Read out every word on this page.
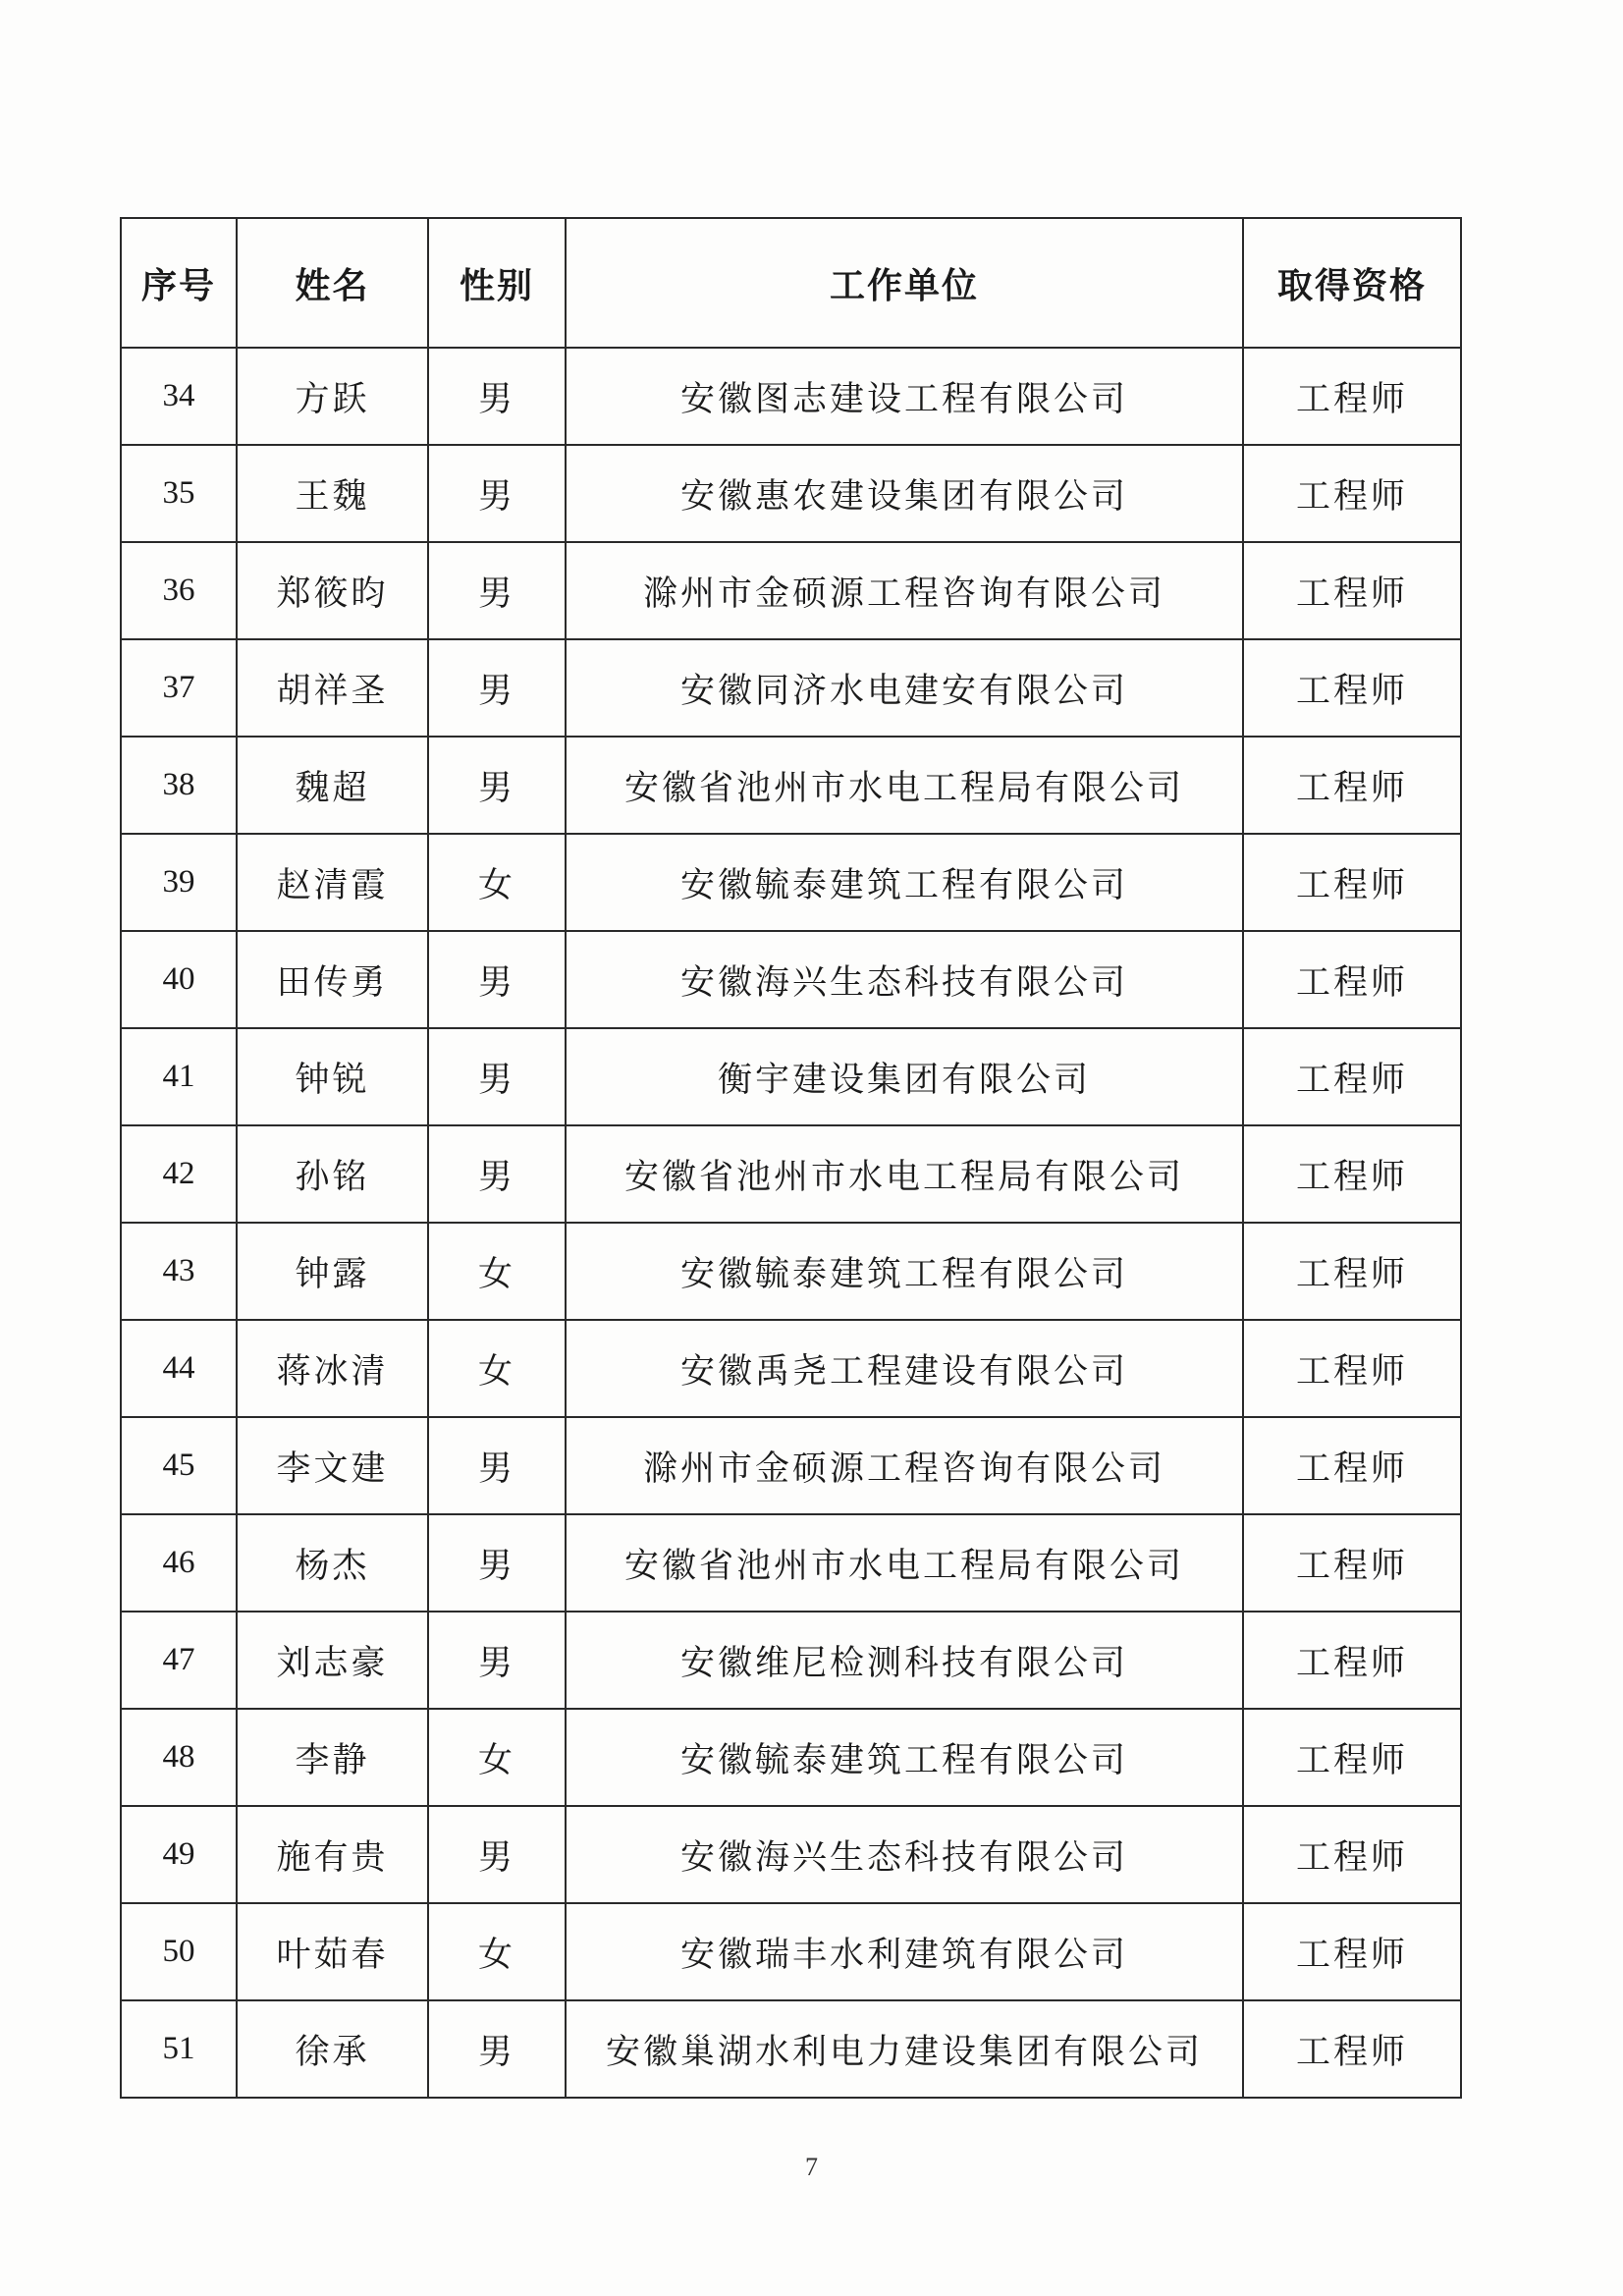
序号	姓名	性别	工作单位	取得资格
34	方跃	男	安徽图志建设工程有限公司	工程师
35	王魏	男	安徽惠农建设集团有限公司	工程师
36	郑筱昀	男	滁州市金硕源工程咨询有限公司	工程师
37	胡祥圣	男	安徽同济水电建安有限公司	工程师
38	魏超	男	安徽省池州市水电工程局有限公司	工程师
39	赵清霞	女	安徽毓泰建筑工程有限公司	工程师
40	田传勇	男	安徽海兴生态科技有限公司	工程师
41	钟锐	男	衡宇建设集团有限公司	工程师
42	孙铭	男	安徽省池州市水电工程局有限公司	工程师
43	钟露	女	安徽毓泰建筑工程有限公司	工程师
44	蒋冰清	女	安徽禹尧工程建设有限公司	工程师
45	李文建	男	滁州市金硕源工程咨询有限公司	工程师
46	杨杰	男	安徽省池州市水电工程局有限公司	工程师
47	刘志豪	男	安徽维尼检测科技有限公司	工程师
48	李静	女	安徽毓泰建筑工程有限公司	工程师
49	施有贵	男	安徽海兴生态科技有限公司	工程师
50	叶茹春	女	安徽瑞丰水利建筑有限公司	工程师
51	徐承	男	安徽巢湖水利电力建设集团有限公司	工程师
7
